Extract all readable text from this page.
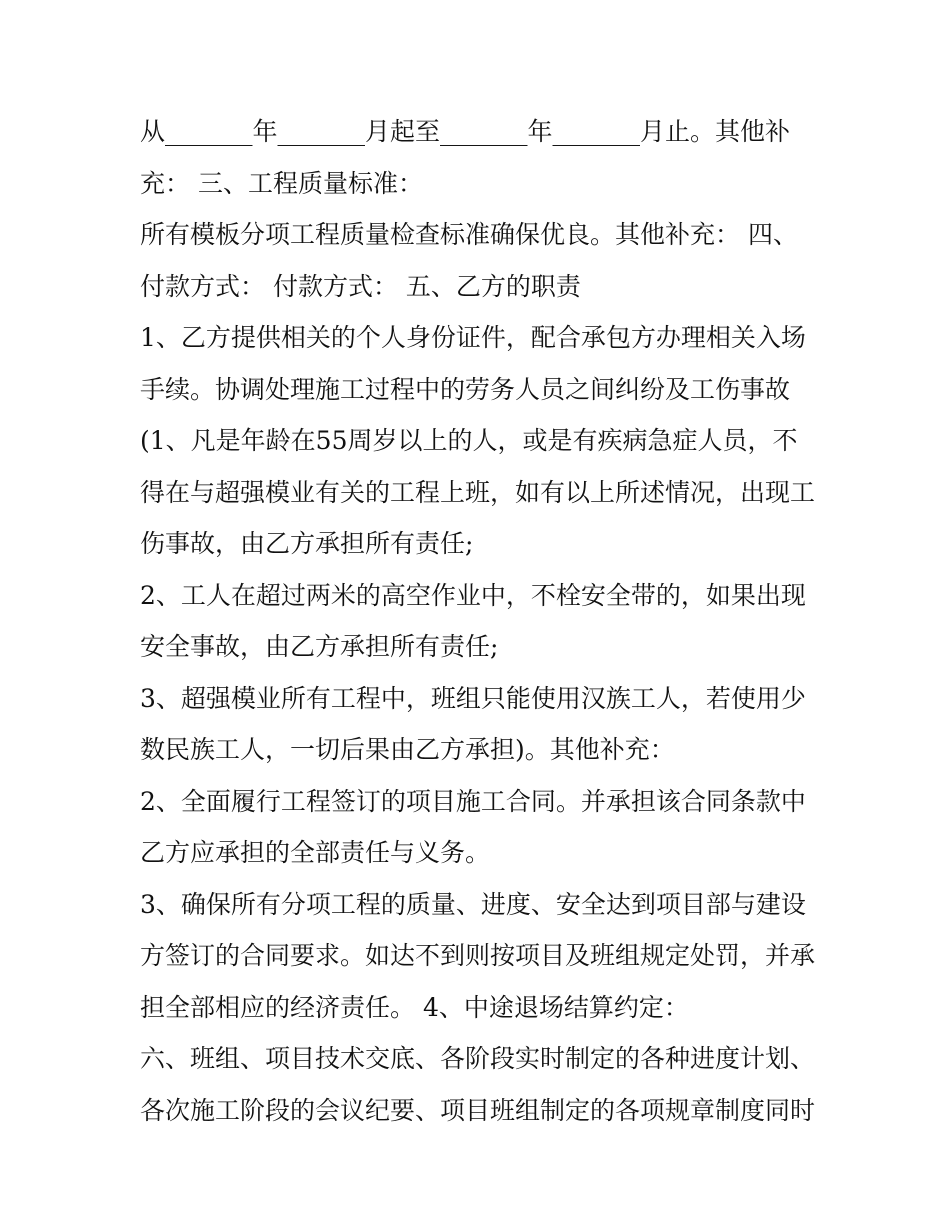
从_______年_______月起至_______年_______月止。其他补
充： 三、工程质量标准：
所有模板分项工程质量检查标准确保优良。其他补充： 四、
付款方式： 付款方式： 五、乙方的职责
1、乙方提供相关的个人身份证件，配合承包方办理相关入场
手续。协调处理施工过程中的劳务人员之间纠纷及工伤事故
(1、凡是年龄在55周岁以上的人，或是有疾病急症人员，不
得在与超强模业有关的工程上班，如有以上所述情况，出现工
伤事故，由乙方承担所有责任;
2、工人在超过两米的高空作业中，不栓安全带的，如果出现
安全事故，由乙方承担所有责任;
3、超强模业所有工程中，班组只能使用汉族工人，若使用少
数民族工人，一切后果由乙方承担)。其他补充：
2、全面履行工程签订的项目施工合同。并承担该合同条款中
乙方应承担的全部责任与义务。
3、确保所有分项工程的质量、进度、安全达到项目部与建设
方签订的合同要求。如达不到则按项目及班组规定处罚，并承
担全部相应的经济责任。 4、中途退场结算约定：
六、班组、项目技术交底、各阶段实时制定的各种进度计划、
各次施工阶段的会议纪要、项目班组制定的各项规章制度同时
